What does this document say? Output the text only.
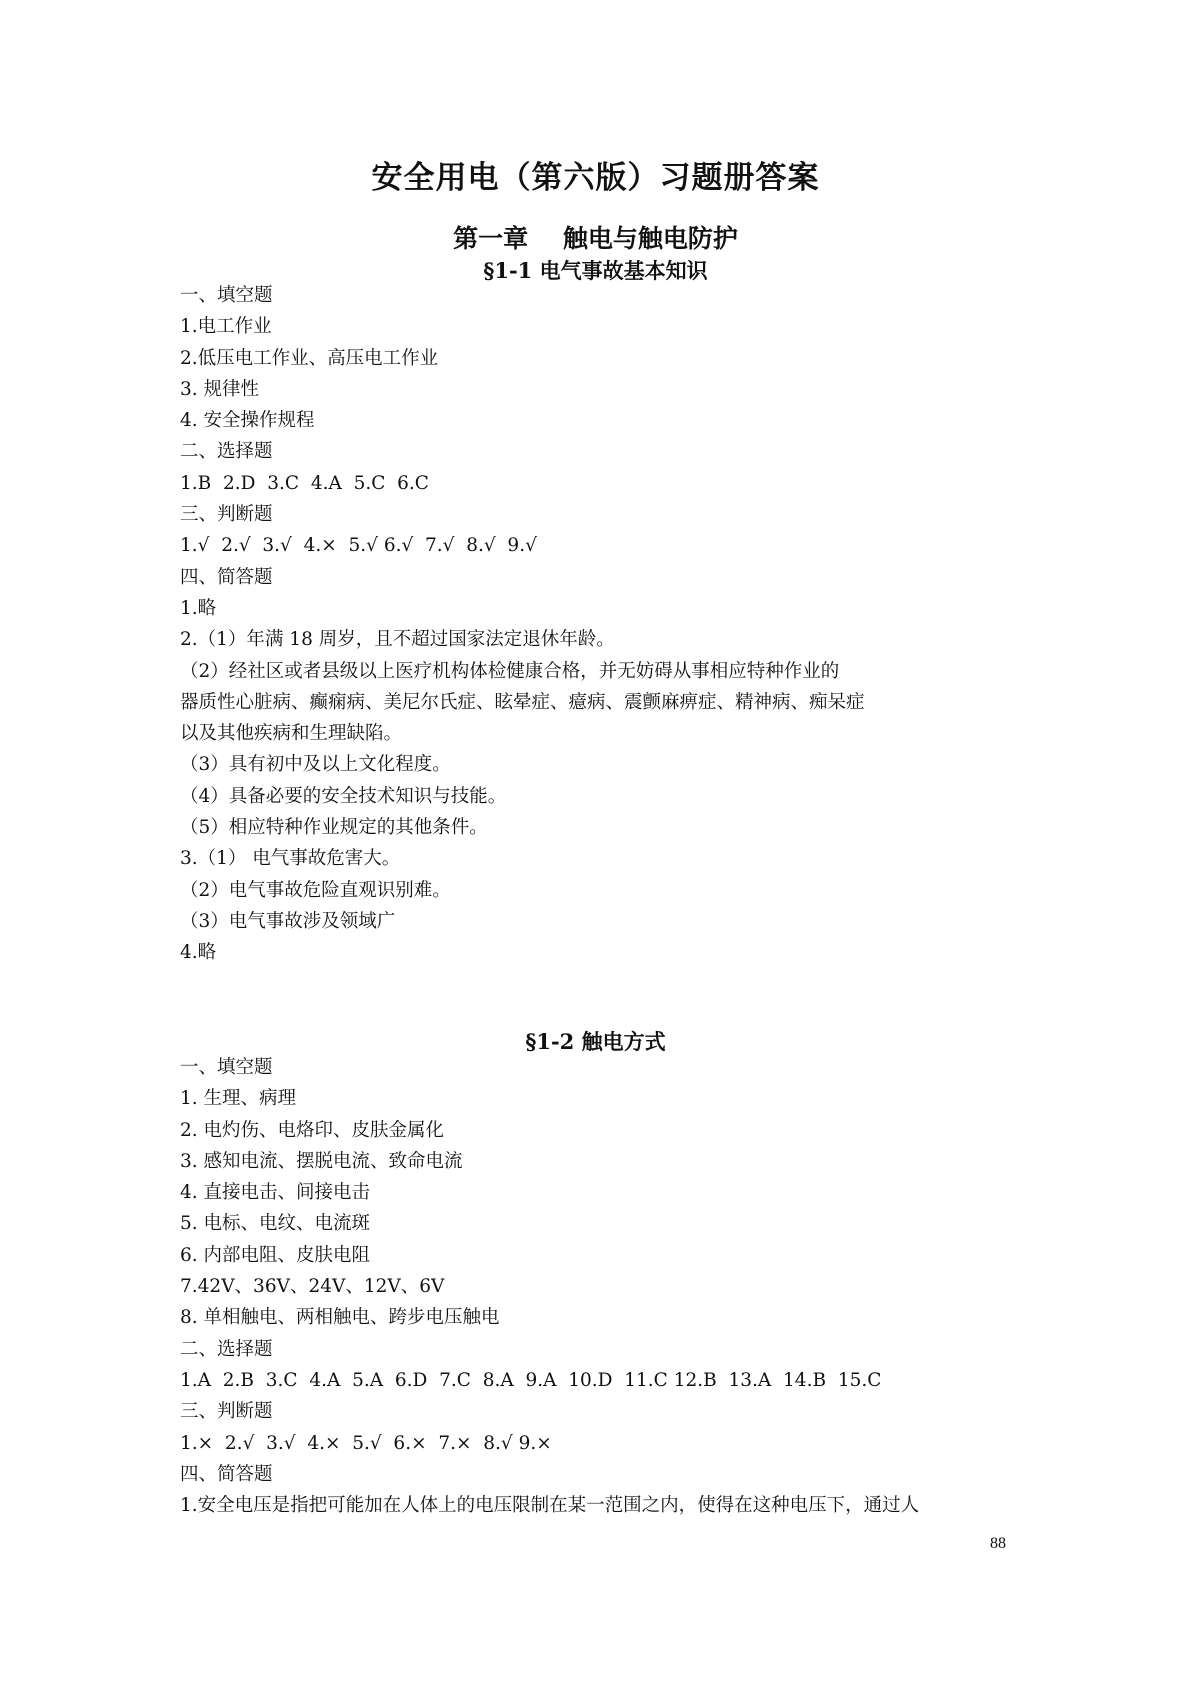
安全用电（第六版）习题册答案
第一章    触电与触电防护
§1-1 电气事故基本知识
一、填空题
1.电工作业
2.低压电工作业、高压电工作业
3. 规律性
4. 安全操作规程
二、选择题
1.B  2.D  3.C  4.A  5.C  6.C
三、判断题
1.√  2.√  3.√  4.×  5.√ 6.√  7.√  8.√  9.√
四、简答题
1.略
2.（1）年满 18 周岁，且不超过国家法定退休年龄。
（2）经社区或者县级以上医疗机构体检健康合格，并无妨碍从事相应特种作业的
器质性心脏病、癫痫病、美尼尔氏症、眩晕症、癔病、震颤麻痹症、精神病、痴呆症
以及其他疾病和生理缺陷。
（3）具有初中及以上文化程度。
（4）具备必要的安全技术知识与技能。
（5）相应特种作业规定的其他条件。
3.（1） 电气事故危害大。
（2）电气事故危险直观识别难。
（3）电气事故涉及领域广
4.略
§1-2 触电方式
一、填空题
1. 生理、病理
2. 电灼伤、电烙印、皮肤金属化
3. 感知电流、摆脱电流、致命电流
4. 直接电击、间接电击
5. 电标、电纹、电流斑
6. 内部电阻、皮肤电阻
7.42V、36V、24V、12V、6V
8. 单相触电、两相触电、跨步电压触电
二、选择题
1.A  2.B  3.C  4.A  5.A  6.D  7.C  8.A  9.A  10.D  11.C 12.B  13.A  14.B  15.C
三、判断题
1.×  2.√  3.√  4.×  5.√  6.×  7.×  8.√ 9.×
四、简答题
1.安全电压是指把可能加在人体上的电压限制在某一范围之内，使得在这种电压下，通过人
88
